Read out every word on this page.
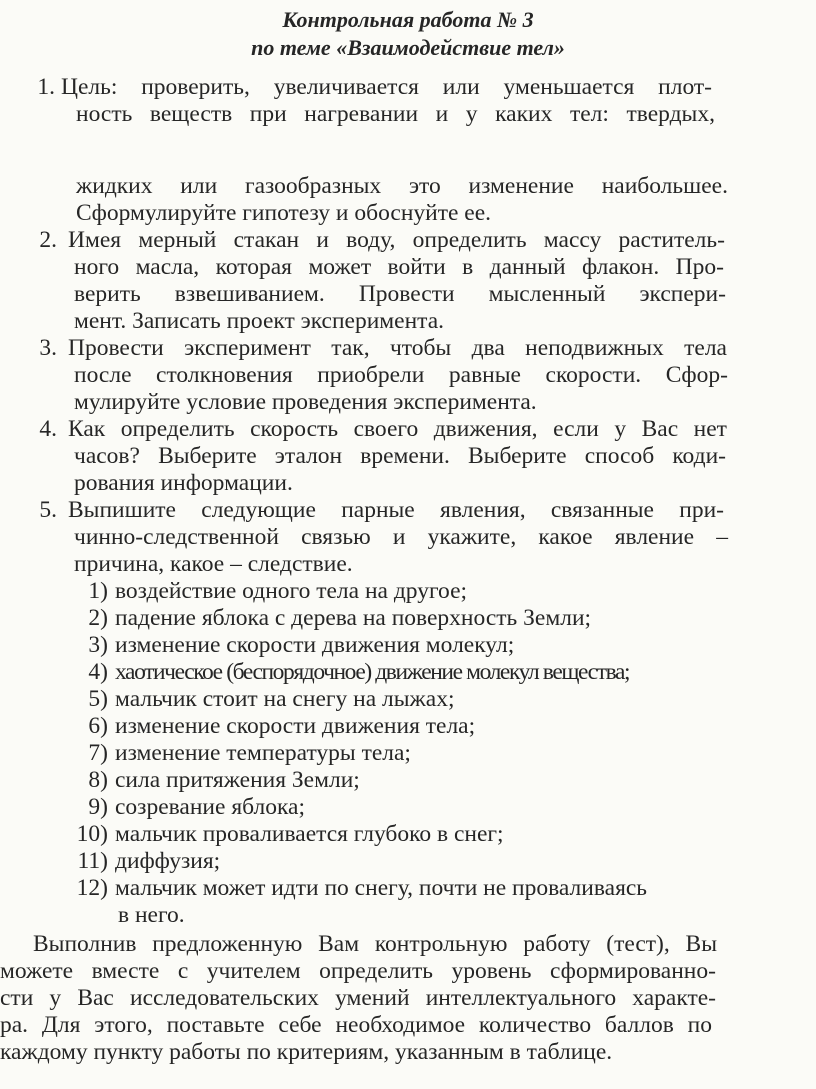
Контрольная работа № 3
по теме «Взаимодействие тел»
1. Цель: проверить, увеличивается или уменьшается плот-
ность веществ при нагревании и у каких тел: твердых,
жидких или газообразных это изменение наибольшее.
Сформулируйте гипотезу и обоснуйте ее.
2. Имея мерный стакан и воду, определить массу раститель-
ного масла, которая может войти в данный флакон. Про-
верить взвешиванием. Провести мысленный экспери-
мент. Записать проект эксперимента.
3. Провести эксперимент так, чтобы два неподвижных тела
после столкновения приобрели равные скорости. Сфор-
мулируйте условие проведения эксперимента.
4. Как определить скорость своего движения, если у Вас нет
часов? Выберите эталон времени. Выберите способ коди-
рования информации.
5. Выпишите следующие парные явления, связанные при-
чинно-следственной связью и укажите, какое явление –
причина, какое – следствие.
1) воздействие одного тела на другое;
2) падение яблока с дерева на поверхность Земли;
3) изменение скорости движения молекул;
4) хаотическое (беспорядочное) движение молекул вещества;
5) мальчик стоит на снегу на лыжах;
6) изменение скорости движения тела;
7) изменение температуры тела;
8) сила притяжения Земли;
9) созревание яблока;
10) мальчик проваливается глубоко в снег;
11) диффузия;
12) мальчик может идти по снегу, почти не проваливаясь
в него.
Выполнив предложенную Вам контрольную работу (тест), Вы
можете вместе с учителем определить уровень сформированно-
сти у Вас исследовательских умений интеллектуального характе-
ра. Для этого, поставьте себе необходимое количество баллов по
каждому пункту работы по критериям, указанным в таблице.
